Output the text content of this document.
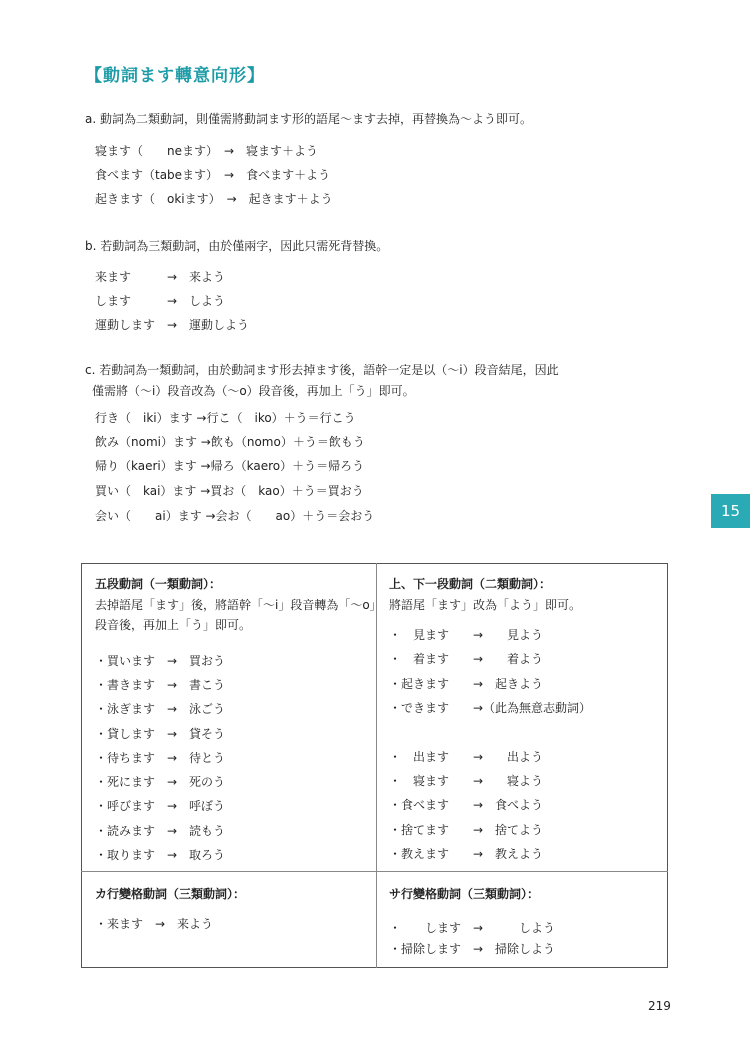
【動詞ます轉意向形】
a. 動詞為二類動詞，則僅需將動詞ます形的語尾〜ます去掉，再替換為〜よう即可。
寝ます（　　neます）　→　寝ます＋よう
食べます（tabeます）　→　食べます＋よう
起きます（　okiます）　→　起きます＋よう
b. 若動詞為三類動詞，由於僅兩字，因此只需死背替換。
来ます　　　→　来よう
します　　　→　しよう
運動します　→　運動しよう
c. 若動詞為一類動詞，由於動詞ます形去掉ます後，語幹一定是以（〜i）段音結尾，因此
僅需將（〜i）段音改為（〜o）段音後，再加上「う」即可。
行き（　iki）ます →行こ（　iko）＋う＝行こう
飲み（nomi）ます →飲も（nomo）＋う＝飲もう
帰り（kaeri）ます →帰ろ（kaero）＋う＝帰ろう
買い（　kai）ます →買お（　kao）＋う＝買おう
会い（　　ai）ます →会お（　　ao）＋う＝会おう	15
五段動詞（一類動詞）：
去掉語尾「ます」後，將語幹「〜i」段音轉為「〜o」
段音後，再加上「う」即可。
・買います　→　買おう
・書きます　→　書こう
・泳ぎます　→　泳ごう
・貸します　→　貸そう
・待ちます　→　待とう
・死にます　→　死のう
・呼びます　→　呼ぼう
・読みます　→　読もう
・取ります　→　取ろう
上、下一段動詞（二類動詞）：
將語尾「ます」改為「よう」即可。
・　見ます　　→　　見よう
・　着ます　　→　　着よう
・起きます　　→　起きよう
・できます　　→（此為無意志動詞）
・　出ます　　→　　出よう
・　寝ます　　→　　寝よう
・食べます　　→　食べよう
・捨てます　　→　捨てよう
・教えます　　→　教えよう
カ行變格動詞（三類動詞）：
・来ます　→　来よう
サ行變格動詞（三類動詞）：
・　　します　→　　　しよう
・掃除します　→　掃除しよう
219
